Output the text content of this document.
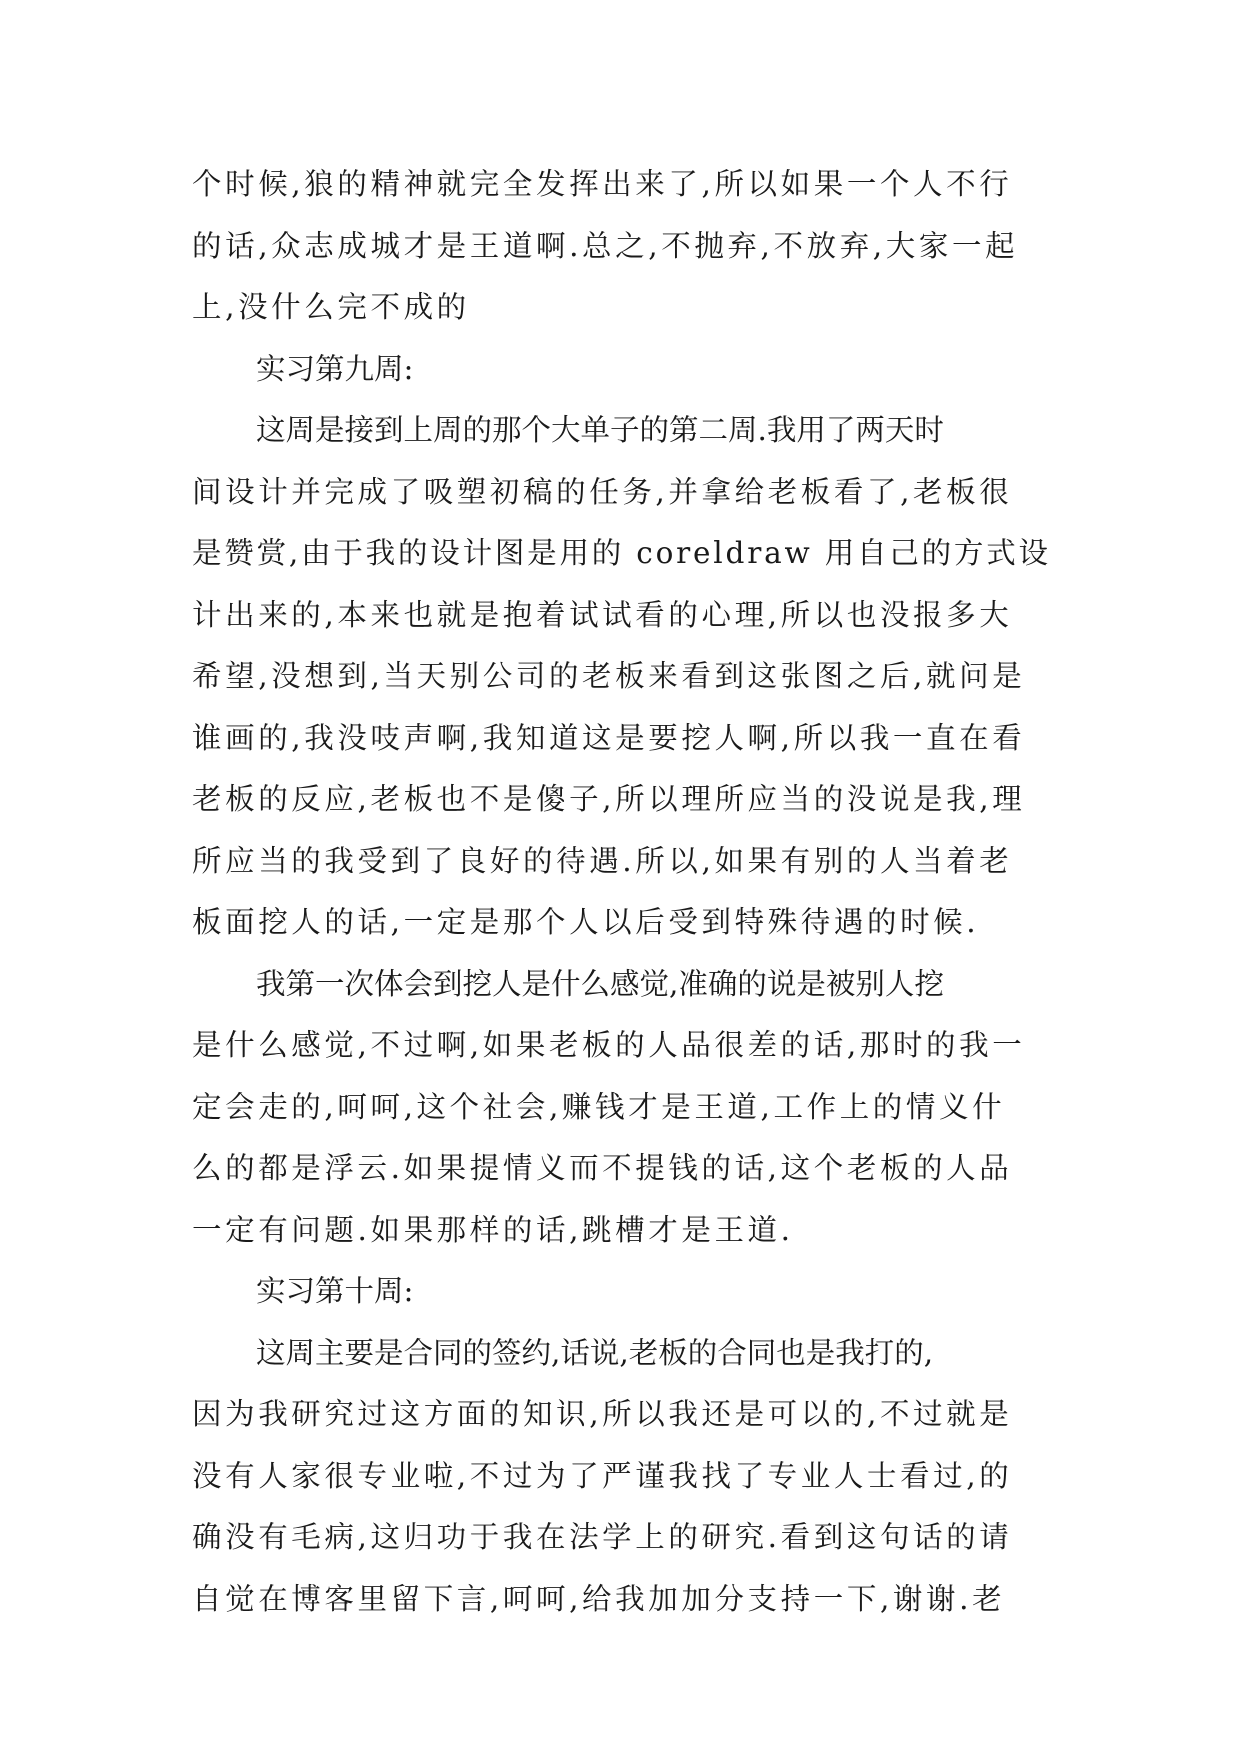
个时候,狼的精神就完全发挥出来了,所以如果一个人不行
的话,众志成城才是王道啊.总之,不抛弃,不放弃,大家一起
上,没什么完不成的
实习第九周:
这周是接到上周的那个大单子的第二周.我用了两天时
间设计并完成了吸塑初稿的任务,并拿给老板看了,老板很
是赞赏,由于我的设计图是用的 coreldraw 用自己的方式设
计出来的,本来也就是抱着试试看的心理,所以也没报多大
希望,没想到,当天别公司的老板来看到这张图之后,就问是
谁画的,我没吱声啊,我知道这是要挖人啊,所以我一直在看
老板的反应,老板也不是傻子,所以理所应当的没说是我,理
所应当的我受到了良好的待遇.所以,如果有别的人当着老
板面挖人的话,一定是那个人以后受到特殊待遇的时候.
我第一次体会到挖人是什么感觉,准确的说是被别人挖
是什么感觉,不过啊,如果老板的人品很差的话,那时的我一
定会走的,呵呵,这个社会,赚钱才是王道,工作上的情义什
么的都是浮云.如果提情义而不提钱的话,这个老板的人品
一定有问题.如果那样的话,跳槽才是王道.
实习第十周:
这周主要是合同的签约,话说,老板的合同也是我打的,
因为我研究过这方面的知识,所以我还是可以的,不过就是
没有人家很专业啦,不过为了严谨我找了专业人士看过,的
确没有毛病,这归功于我在法学上的研究.看到这句话的请
自觉在博客里留下言,呵呵,给我加加分支持一下,谢谢.老
